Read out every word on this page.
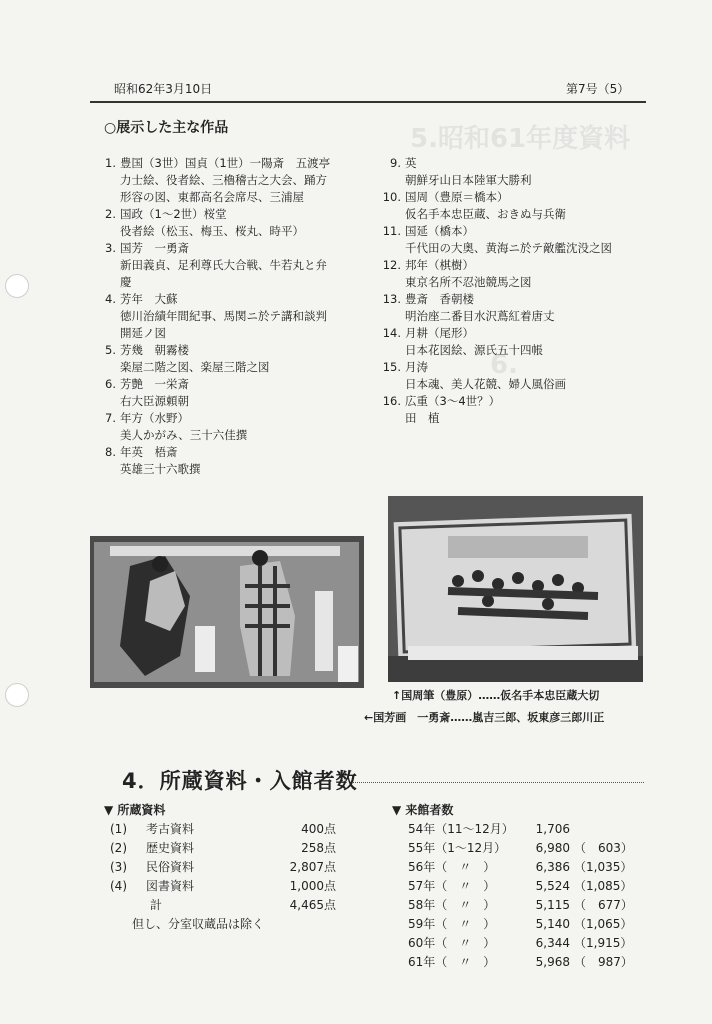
5.昭和61年度資料
6.
昭和62年3月10日	第7号（5）
○展示した主な作品
1. 豊国（3世）国貞（1世）一陽斎　五渡亭
力士絵、役者絵、三櫓稽古之大会、踊方
形容の図、東都高名会席尽、三浦屋
2. 国政（1～2世）桜堂
役者絵（松玉、梅玉、桜丸、時平）
3. 国芳　一勇斎
新田義貞、足利尊氏大合戦、牛若丸と弁
慶
4. 芳年　大蘇
徳川治績年間紀事、馬関ニ於テ講和談判
開延ノ図
5. 芳幾　朝霧楼
楽屋二階之図、楽屋三階之図
6. 芳艶　一栄斎
右大臣源頼朝
7. 年方（水野）
美人かがみ、三十六佳撰
8. 年英　梧斎
英雄三十六歌撰
9. 英
朝鮮牙山日本陸軍大勝利
10. 国周（豊原＝橋本）
仮名手本忠臣蔵、おきぬ与兵衛
11. 国延（橋本）
千代田の大奥、黄海ニ於テ敵艦沈没之図
12. 邦年（棋樹）
東京名所不忍池競馬之図
13. 豊斎　香朝楼
明治座二番目水沢蔦紅着唐丈
14. 月耕（尾形）
日本花図絵、源氏五十四帳
15. 月涛
日本魂、美人花競、婦人風俗画
16. 広重（3～4世？）
田　植
↑国周筆（豊原）……仮名手本忠臣蔵大切
←国芳画　一勇斎……嵐吉三郎、坂東彦三郎川正
4．所蔵資料・入館者数
▼ 所蔵資料
(1)	考古資料	400点
(2)	歴史資料	258点
(3)	民俗資料	2,807点
(4)	図書資料	1,000点
計	4,465点
但し、分室収蔵品は除く
▼ 来館者数
54年（11～12月）	1,706
55年（1～12月）	6,980 （　603）
56年（　〃　）	6,386 （1,035）
57年（　〃　）	5,524 （1,085）
58年（　〃　）	5,115 （　677）
59年（　〃　）	5,140 （1,065）
60年（　〃　）	6,344 （1,915）
61年（　〃　）	5,968 （　987）
